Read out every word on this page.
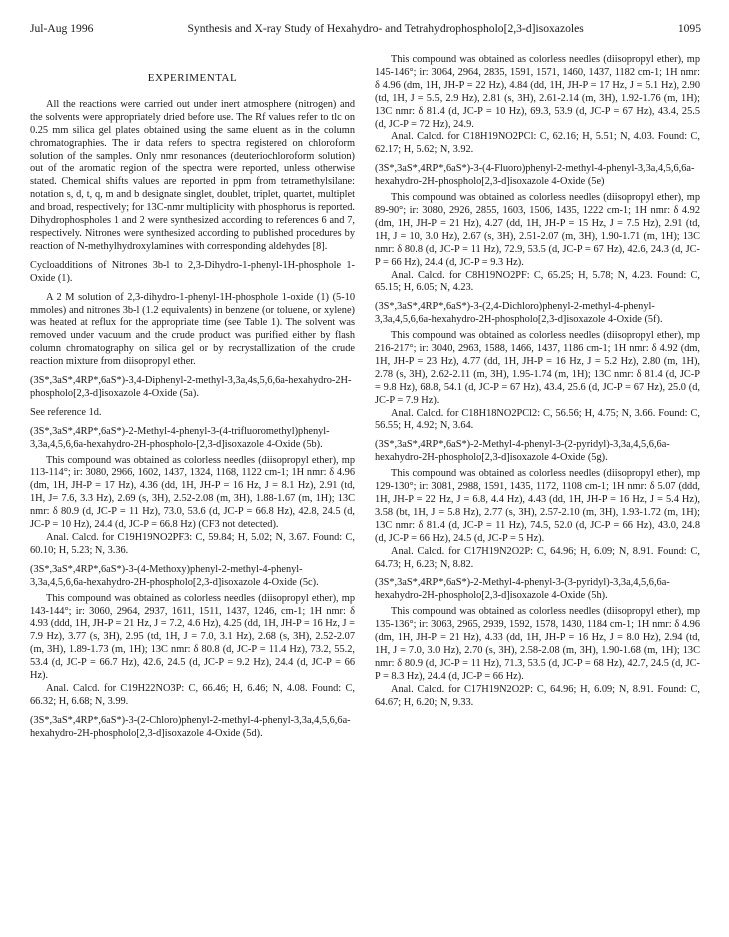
Jul-Aug 1996	Synthesis and X-ray Study of Hexahydro- and Tetrahydrophospholo[2,3-d]isoxazoles	1095
EXPERIMENTAL

All the reactions were carried out under inert atmosphere (nitrogen) and the solvents were appropriately dried before use. The Rf values refer to tlc on 0.25 mm silica gel plates obtained using the same eluent as in the column chromatographies. The ir data refers to spectra registered on chloroform solution of the samples. Only nmr resonances (deuteriochloroform solution) out of the aromatic region of the spectra were reported, unless otherwise stated. Chemical shifts values are reported in ppm from tetramethylsilane: notation s, d, t, q, m and b designate singlet, doublet, triplet, quartet, multiplet and broad, respectively; for 13C-nmr multiplicity with phosphorus is reported. Dihydrophospholes 1 and 2 were synthesized according to references 6 and 7, respectively. Nitrones were synthesized according to published procedures by reaction of N-methylhydroxylamines with corresponding aldehydes [8].

Cycloadditions of Nitrones 3b-l to 2,3-Dihydro-1-phenyl-1H-phosphole 1-Oxide (1).

A 2 M solution of 2,3-dihydro-1-phenyl-1H-phosphole 1-oxide (1) (5-10 mmoles) and nitrones 3b-l (1.2 equivalents) in benzene (or toluene, or xylene) was heated at reflux for the appropriate time (see Table 1). The solvent was removed under vacuum and the crude product was purified either by flash column chromatography on silica gel or by recrystallization of the crude reaction mixture from diisopropyl ether.

(3S*,3aS*,4RP*,6aS*)-3,4-Diphenyl-2-methyl-3,3a,4s,5,6,6a-hexahydro-2H-phospholo[2,3-d]isoxazole 4-Oxide (5a).

See reference 1d.

(3S*,3aS*,4RP*,6aS*)-2-Methyl-4-phenyl-3-(4-trifluoromethyl)phenyl-3,3a,4,5,6,6a-hexahydro-2H-phospholo-[2,3-d]isoxazole 4-Oxide (5b).

This compound was obtained as colorless needles (diisopropyl ether), mp 113-114°; ir: 3080, 2966, 1602, 1437, 1324, 1168, 1122 cm-1; 1H nmr: δ 4.96 (dm, 1H, JH-P = 17 Hz), 4.36 (dd, 1H, JH-P = 16 Hz, J = 8.1 Hz), 2.91 (td, 1H, J= 7.6, 3.3 Hz), 2.69 (s, 3H), 2.52-2.08 (m, 3H), 1.88-1.67 (m, 1H); 13C nmr: δ 80.9 (d, JC-P = 11 Hz), 73.0, 53.6 (d, JC-P = 66.8 Hz), 42.8, 24.5 (d, JC-P = 10 Hz), 24.4 (d, JC-P = 66.8 Hz) (CF3 not detected).

Anal. Calcd. for C19H19NO2PF3: C, 59.84; H, 5.02; N, 3.67. Found: C, 60.10; H, 5.23; N, 3.36.

(3S*,3aS*,4RP*,6aS*)-3-(4-Methoxy)phenyl-2-methyl-4-phenyl-3,3a,4,5,6,6a-hexahydro-2H-phospholo[2,3-d]isoxazole 4-Oxide (5c).

This compound was obtained as colorless needles (diisopropyl ether), mp 143-144°; ir: 3060, 2964, 2937, 1611, 1511, 1437, 1246, cm-1; 1H nmr: δ 4.93 (ddd, 1H, JH-P = 21 Hz, J = 7.2, 4.6 Hz), 4.25 (dd, 1H, JH-P = 16 Hz, J = 7.9 Hz), 3.77 (s, 3H), 2.95 (td, 1H, J = 7.0, 3.1 Hz), 2.68 (s, 3H), 2.52-2.07 (m, 3H), 1.89-1.73 (m, 1H); 13C nmr: δ 80.8 (d, JC-P = 11.4 Hz), 73.2, 55.2, 53.4 (d, JC-P = 66.7 Hz), 42.6, 24.5 (d, JC-P = 9.2 Hz), 24.4 (d, JC-P = 66 Hz).

Anal. Calcd. for C19H22NO3P: C, 66.46; H, 6.46; N, 4.08. Found: C, 66.32; H, 6.68; N, 3.99.

(3S*,3aS*,4RP*,6aS*)-3-(2-Chloro)phenyl-2-methyl-4-phenyl-3,3a,4,5,6,6a-hexahydro-2H-phospholo[2,3-d]isoxazole 4-Oxide (5d).

This compound was obtained as colorless needles (diisopropyl ether), mp 145-146°; ir: 3064, 2964, 2835, 1591, 1571, 1460, 1437, 1182 cm-1; 1H nmr: δ 4.96 (dm, 1H, JH-P = 22 Hz), 4.84 (dd, 1H, JH-P = 17 Hz, J = 5.1 Hz), 2.90 (td, 1H, J = 5.5, 2.9 Hz), 2.81 (s, 3H), 2.61-2.14 (m, 3H), 1.92-1.76 (m, 1H); 13C nmr: δ 81.4 (d, JC-P = 10 Hz), 69.3, 53.9 (d, JC-P = 67 Hz), 43.4, 25.5 (d, JC-P = 72 Hz), 24.9.

Anal. Calcd. for C18H19NO2PCl: C, 62.16; H, 5.51; N, 4.03. Found: C, 62.17; H, 5.62; N, 3.92.

(3S*,3aS*,4RP*,6aS*)-3-(4-Fluoro)phenyl-2-methyl-4-phenyl-3,3a,4,5,6,6a-hexahydro-2H-phospholo[2,3-d]isoxazole 4-Oxide (5e)

This compound was obtained as colorless needles (diisopropyl ether), mp 89-90°; ir: 3080, 2926, 2855, 1603, 1506, 1435, 1222 cm-1; 1H nmr: δ 4.92 (dm, 1H, JH-P = 21 Hz), 4.27 (dd, 1H, JH-P = 15 Hz, J = 7.5 Hz), 2.91 (td, 1H, J = 10, 3.0 Hz), 2.67 (s, 3H), 2.51-2.07 (m, 3H), 1.90-1.71 (m, 1H); 13C nmr: δ 80.8 (d, JC-P = 11 Hz), 72.9, 53.5 (d, JC-P = 67 Hz), 42.6, 24.3 (d, JC-P = 66 Hz), 24.4 (d, JC-P = 9.3 Hz).

Anal. Calcd. for C8H19NO2PF: C, 65.25; H, 5.78; N, 4.23. Found: C, 65.15; H, 6.05; N, 4.23.

(3S*,3aS*,4RP*,6aS*)-3-(2,4-Dichloro)phenyl-2-methyl-4-phenyl-3,3a,4,5,6,6a-hexahydro-2H-phospholo[2,3-d]isoxazole 4-Oxide (5f).

This compound was obtained as colorless needles (diisopropyl ether), mp 216-217°; ir: 3040, 2963, 1588, 1466, 1437, 1186 cm-1; 1H nmr: δ 4.92 (dm, 1H, JH-P = 23 Hz), 4.77 (dd, 1H, JH-P = 16 Hz, J = 5.2 Hz), 2.80 (m, 1H), 2.78 (s, 3H), 2.62-2.11 (m, 3H), 1.95-1.74 (m, 1H); 13C nmr: δ 81.4 (d, JC-P = 9.8 Hz), 68.8, 54.1 (d, JC-P = 67 Hz), 43.4, 25.6 (d, JC-P = 67 Hz), 25.0 (d, JC-P = 7.9 Hz).

Anal. Calcd. for C18H18NO2PCl2: C, 56.56; H, 4.75; N, 3.66. Found: C, 56.55; H, 4.92; N, 3.64.

(3S*,3aS*,4RP*,6aS*)-2-Methyl-4-phenyl-3-(2-pyridyl)-3,3a,4,5,6,6a-hexahydro-2H-phospholo[2,3-d]isoxazole 4-Oxide (5g).

This compound was obtained as colorless needles (diisopropyl ether), mp 129-130°; ir: 3081, 2988, 1591, 1435, 1172, 1108 cm-1; 1H nmr: δ 5.07 (ddd, 1H, JH-P = 22 Hz, J = 6.8, 4.4 Hz), 4.43 (dd, 1H, JH-P = 16 Hz, J = 5.4 Hz), 3.58 (bt, 1H, J = 5.8 Hz), 2.77 (s, 3H), 2.57-2.10 (m, 3H), 1.93-1.72 (m, 1H); 13C nmr: δ 81.4 (d, JC-P = 11 Hz), 74.5, 52.0 (d, JC-P = 66 Hz), 43.0, 24.8 (d, JC-P = 66 Hz), 24.5 (d, JC-P = 5 Hz).

Anal. Calcd. for C17H19N2O2P: C, 64.96; H, 6.09; N, 8.91. Found: C, 64.73; H, 6.23; N, 8.82.

(3S*,3aS*,4RP*,6aS*)-2-Methyl-4-phenyl-3-(3-pyridyl)-3,3a,4,5,6,6a-hexahydro-2H-phospholo[2,3-d]isoxazole 4-Oxide (5h).

This compound was obtained as colorless needles (diisopropyl ether), mp 135-136°; ir: 3063, 2965, 2939, 1592, 1578, 1430, 1184 cm-1; 1H nmr: δ 4.96 (dm, 1H, JH-P = 21 Hz), 4.33 (dd, 1H, JH-P = 16 Hz, J = 8.0 Hz), 2.94 (td, 1H, J = 7.0, 3.0 Hz), 2.70 (s, 3H), 2.58-2.08 (m, 3H), 1.90-1.68 (m, 1H); 13C nmr: δ 80.9 (d, JC-P = 11 Hz), 71.3, 53.5 (d, JC-P = 68 Hz), 42.7, 24.5 (d, JC-P = 8.3 Hz), 24.4 (d, JC-P = 66 Hz).

Anal. Calcd. for C17H19N2O2P: C, 64.96; H, 6.09; N, 8.91. Found: C, 64.67; H, 6.20; N, 9.33.
